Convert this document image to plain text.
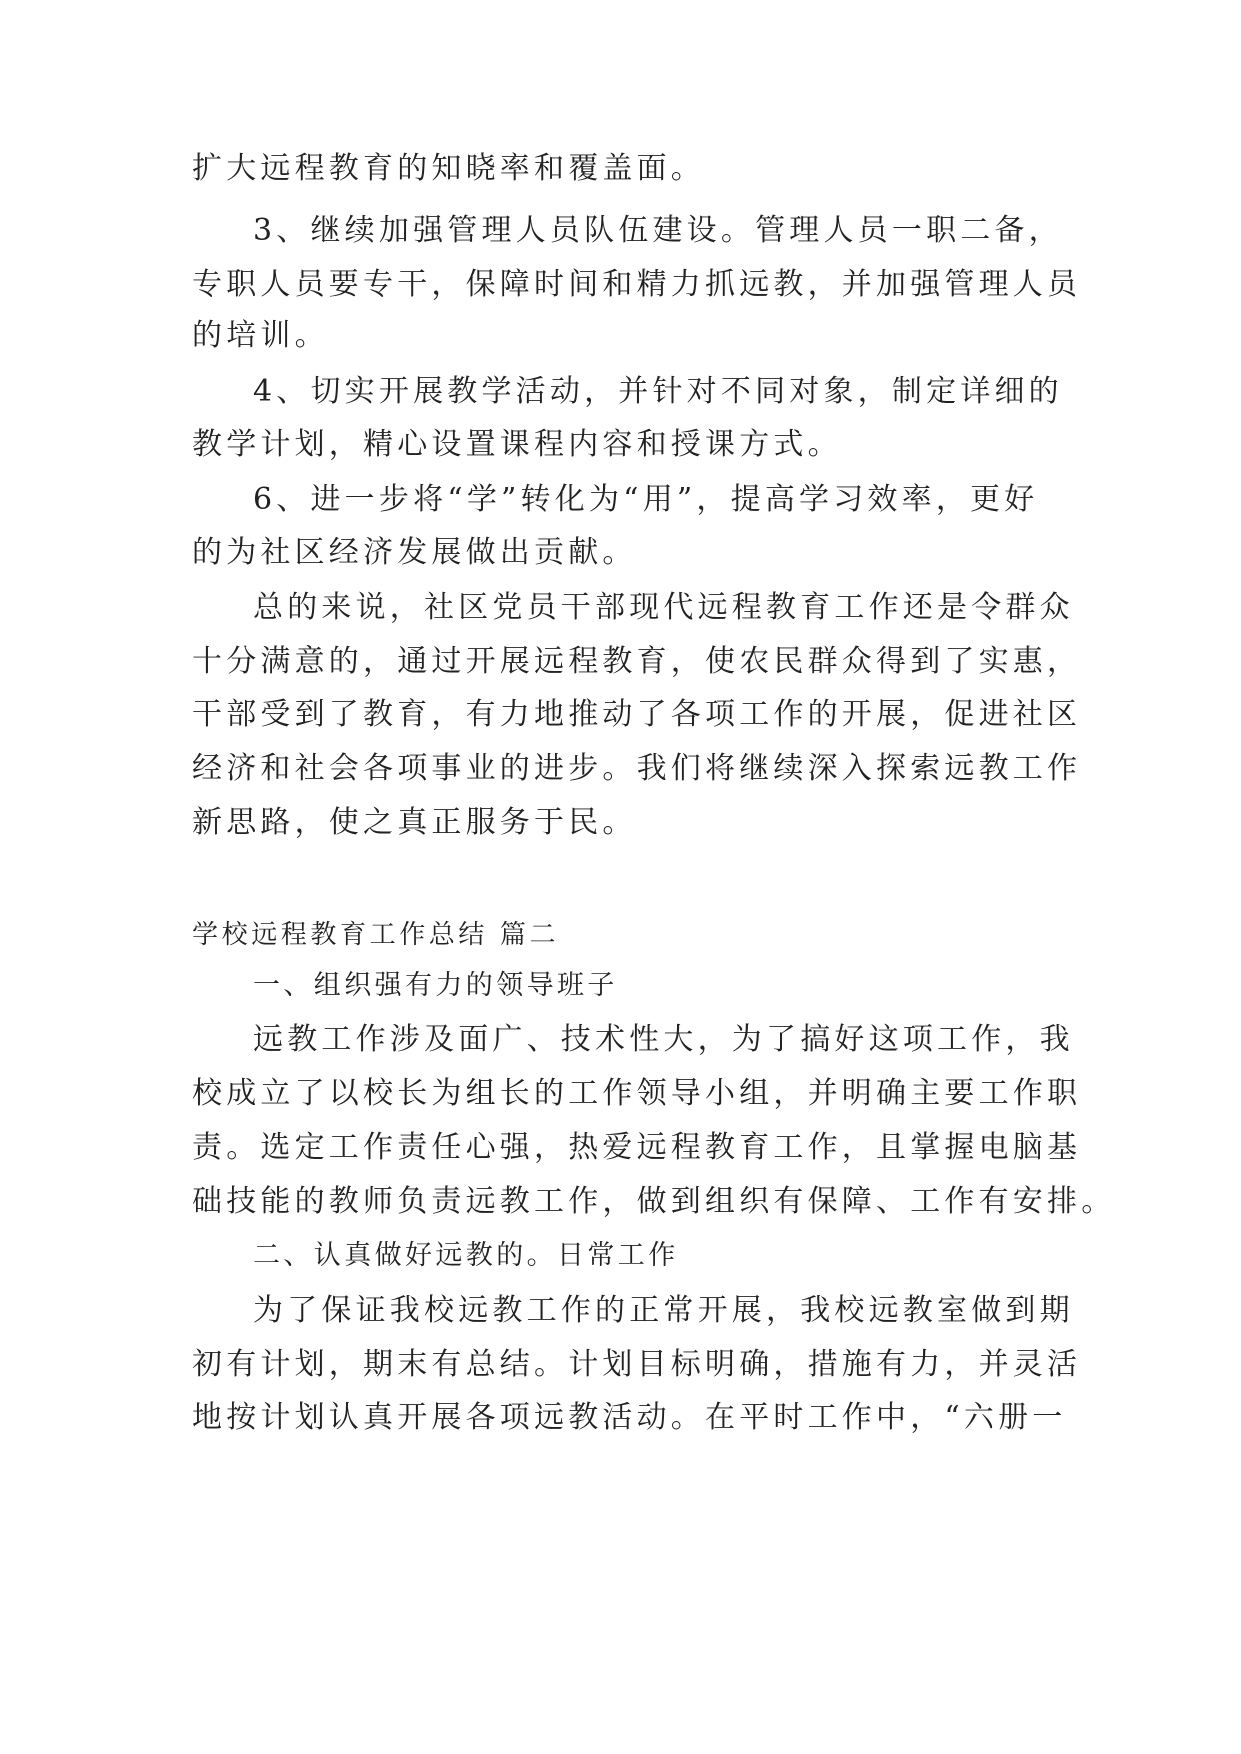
扩大远程教育的知晓率和覆盖面。
3、继续加强管理人员队伍建设。管理人员一职二备，
专职人员要专干，保障时间和精力抓远教，并加强管理人员
的培训。
4、切实开展教学活动，并针对不同对象，制定详细的
教学计划，精心设置课程内容和授课方式。
6、进一步将“学”转化为“用”，提高学习效率，更好
的为社区经济发展做出贡献。
总的来说，社区党员干部现代远程教育工作还是令群众
十分满意的，通过开展远程教育，使农民群众得到了实惠，
干部受到了教育，有力地推动了各项工作的开展，促进社区
经济和社会各项事业的进步。我们将继续深入探索远教工作
新思路，使之真正服务于民。
学校远程教育工作总结 篇二
一、组织强有力的领导班子
远教工作涉及面广、技术性大，为了搞好这项工作，我
校成立了以校长为组长的工作领导小组，并明确主要工作职
责。选定工作责任心强，热爱远程教育工作，且掌握电脑基
础技能的教师负责远教工作，做到组织有保障、工作有安排。
二、认真做好远教的。日常工作
为了保证我校远教工作的正常开展，我校远教室做到期
初有计划，期末有总结。计划目标明确，措施有力，并灵活
地按计划认真开展各项远教活动。在平时工作中，“六册一
